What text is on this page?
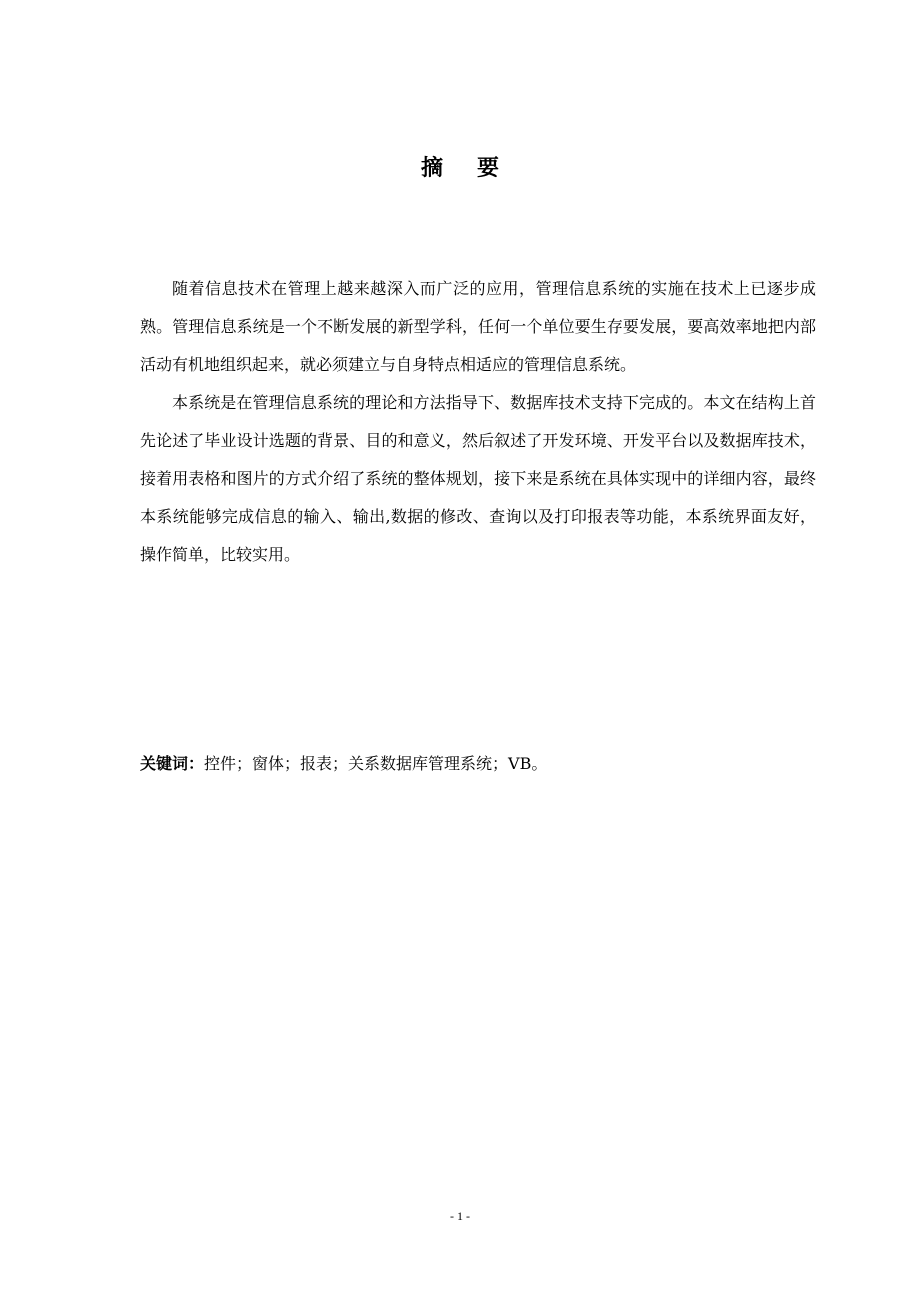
摘 要

随着信息技术在管理上越来越深入而广泛的应用，管理信息系统的实施在技术上已逐步成熟。管理信息系统是一个不断发展的新型学科，任何一个单位要生存要发展，要高效率地把内部活动有机地组织起来，就必须建立与自身特点相适应的管理信息系统。

本系统是在管理信息系统的理论和方法指导下、数据库技术支持下完成的。本文在结构上首先论述了毕业设计选题的背景、目的和意义，然后叙述了开发环境、开发平台以及数据库技术，接着用表格和图片的方式介绍了系统的整体规划，接下来是系统在具体实现中的详细内容，最终本系统能够完成信息的输入、输出,数据的修改、查询以及打印报表等功能，本系统界面友好，操作简单，比较实用。

关键词：控件；窗体；报表；关系数据库管理系统；VB。
- 1 -
